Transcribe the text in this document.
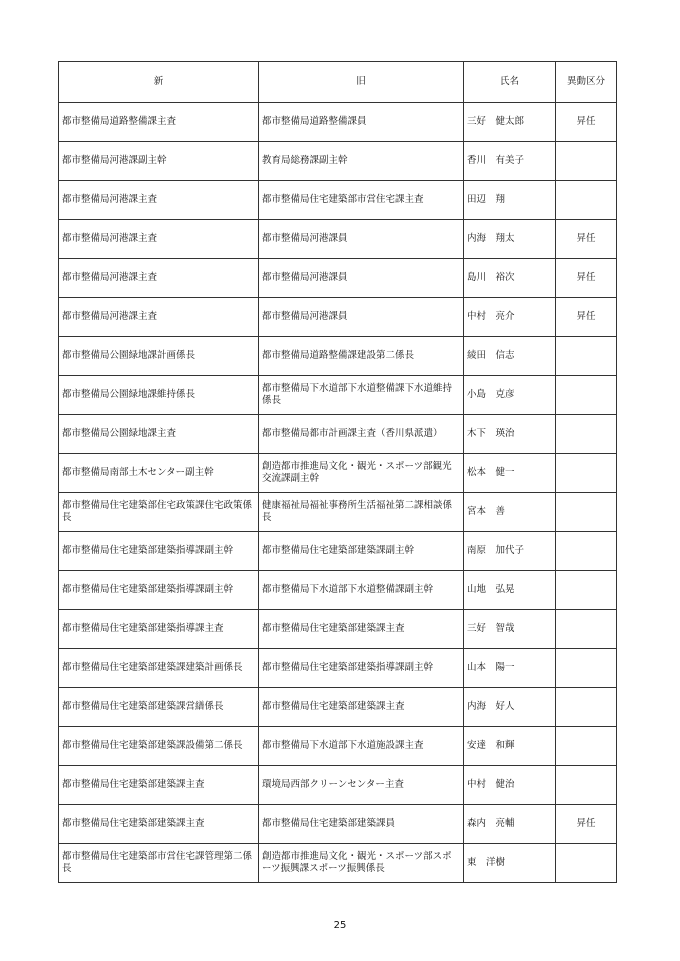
新	旧	氏名	異動区分
都市整備局道路整備課主査	都市整備局道路整備課員	三好　健太郎	昇任
都市整備局河港課副主幹	教育局総務課副主幹	香川　有美子	
都市整備局河港課主査	都市整備局住宅建築部市営住宅課主査	田辺　翔	
都市整備局河港課主査	都市整備局河港課員	内海　翔太	昇任
都市整備局河港課主査	都市整備局河港課員	島川　裕次	昇任
都市整備局河港課主査	都市整備局河港課員	中村　亮介	昇任
都市整備局公園緑地課計画係長	都市整備局道路整備課建設第二係長	綾田　信志	
都市整備局公園緑地課維持係長	都市整備局下水道部下水道整備課下水道維持係長	小島　克彦	
都市整備局公園緑地課主査	都市整備局都市計画課主査（香川県派遣）	木下　瑛治	
都市整備局南部土木センター副主幹	創造都市推進局文化・観光・スポーツ部観光交流課副主幹	松本　健一	
都市整備局住宅建築部住宅政策課住宅政策係長	健康福祉局福祉事務所生活福祉第二課相談係長	宮本　善	
都市整備局住宅建築部建築指導課副主幹	都市整備局住宅建築部建築課副主幹	南原　加代子	
都市整備局住宅建築部建築指導課副主幹	都市整備局下水道部下水道整備課副主幹	山地　弘晃	
都市整備局住宅建築部建築指導課主査	都市整備局住宅建築部建築課主査	三好　智哉	
都市整備局住宅建築部建築課建築計画係長	都市整備局住宅建築部建築指導課副主幹	山本　陽一	
都市整備局住宅建築部建築課営繕係長	都市整備局住宅建築部建築課主査	内海　好人	
都市整備局住宅建築部建築課設備第二係長	都市整備局下水道部下水道施設課主査	安達　和輝	
都市整備局住宅建築部建築課主査	環境局西部クリーンセンター主査	中村　健治	
都市整備局住宅建築部建築課主査	都市整備局住宅建築部建築課員	森内　亮輔	昇任
都市整備局住宅建築部市営住宅課管理第二係長	創造都市推進局文化・観光・スポーツ部スポーツ振興課スポーツ振興係長	東　洋樹	
25
